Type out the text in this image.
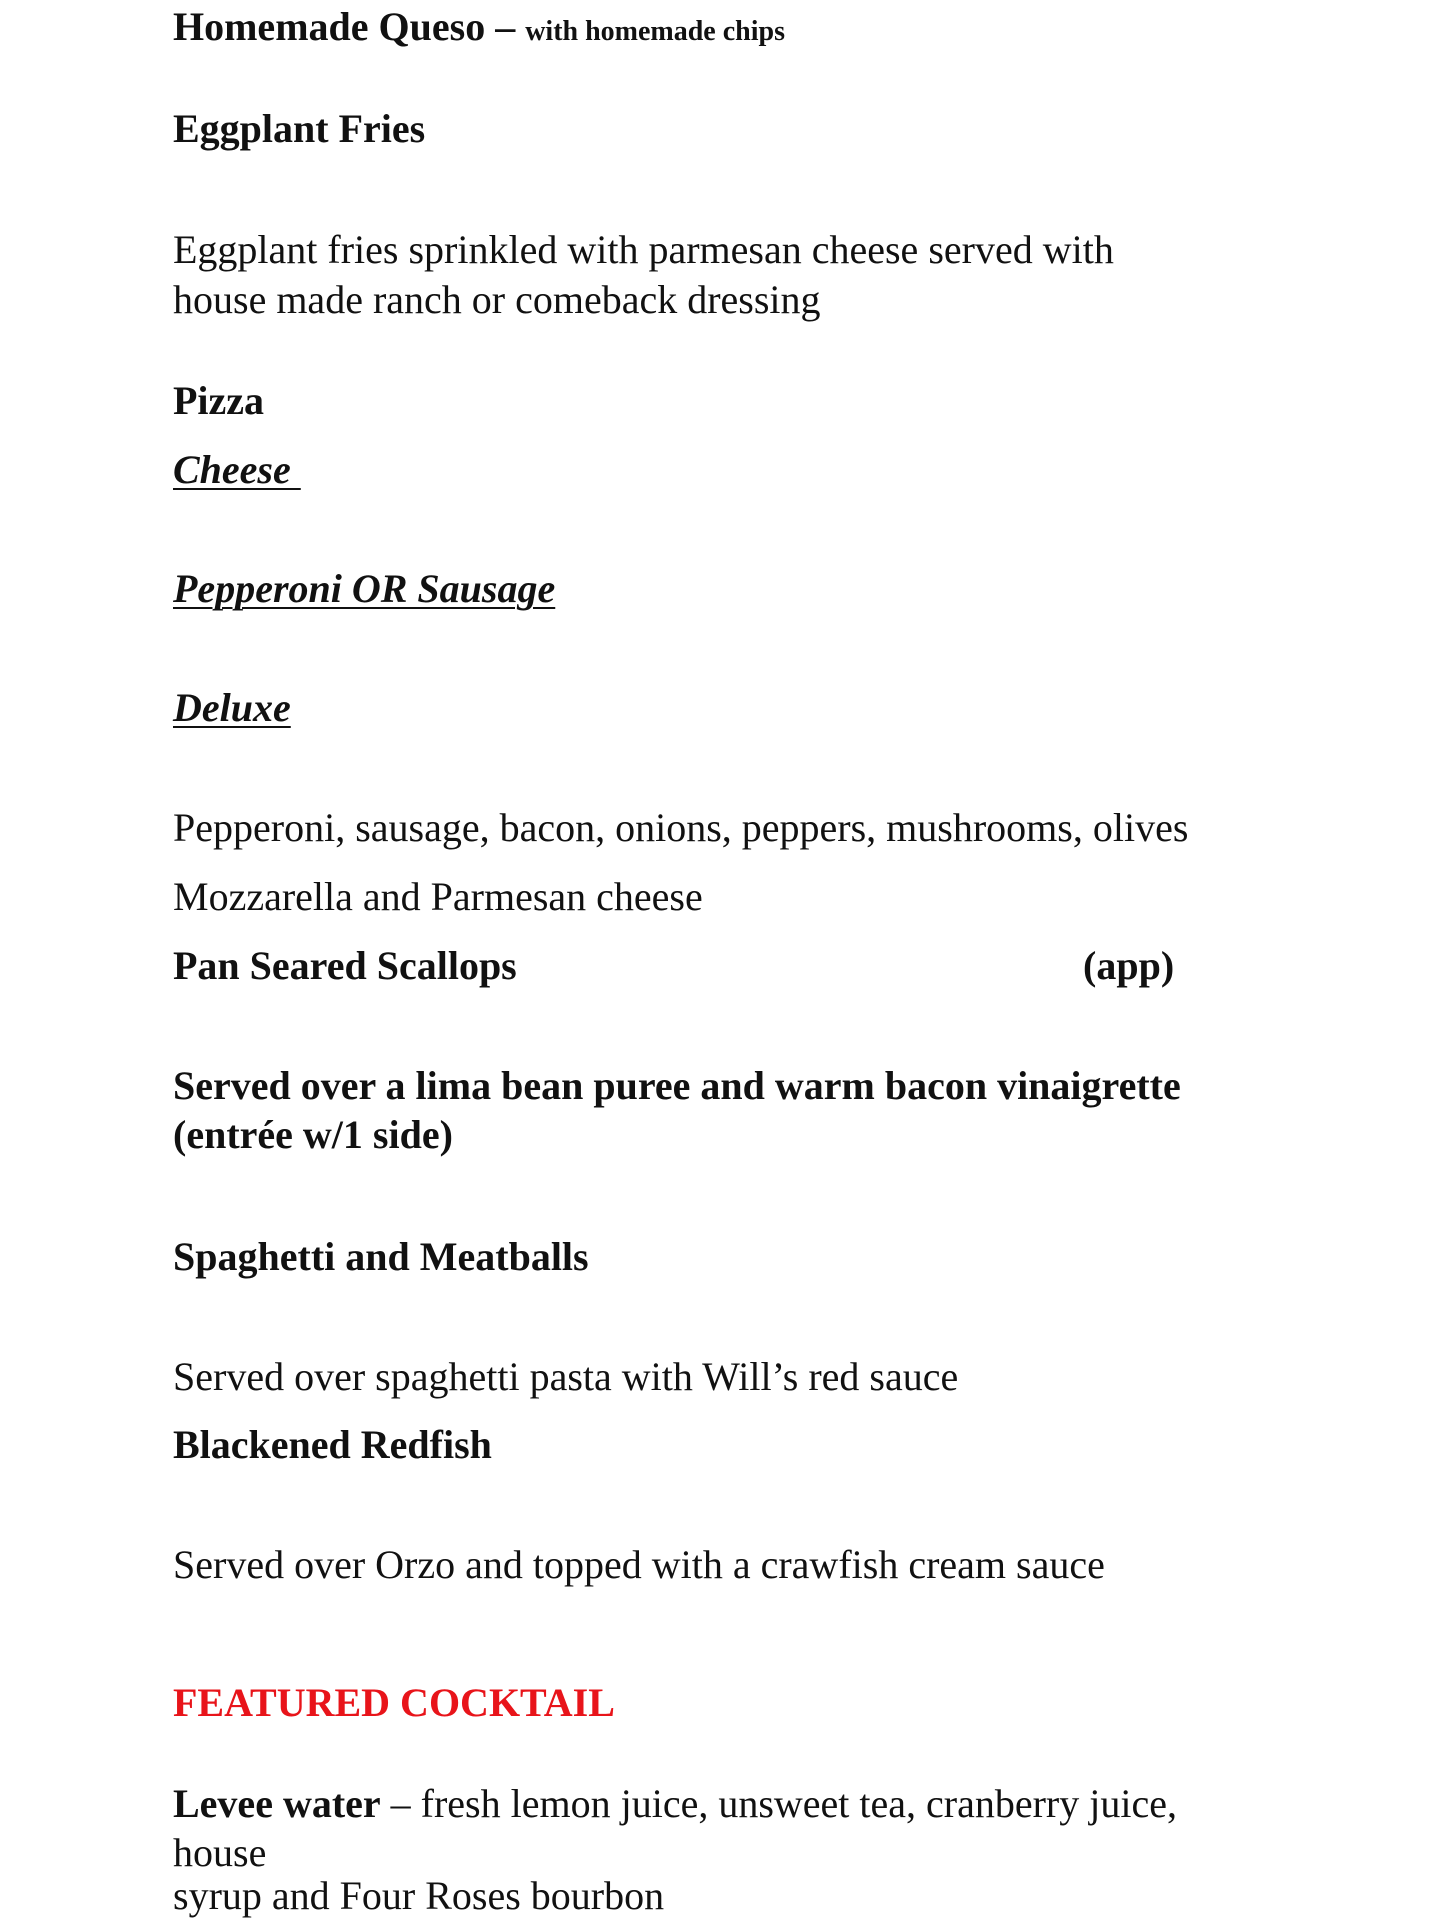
Homemade Queso – with homemade chips
Eggplant Fries
Eggplant fries sprinkled with parmesan cheese served with
house made ranch or comeback dressing
Pizza
Cheese
Pepperoni OR Sausage
Deluxe
Pepperoni, sausage, bacon, onions, peppers, mushrooms, olives
Mozzarella and Parmesan cheese
Pan Seared Scallops	(app)
Served over a lima bean puree and warm bacon vinaigrette
(entrée w/1 side)
Spaghetti and Meatballs
Served over spaghetti pasta with Will’s red sauce
Blackened Redfish
Served over Orzo and topped with a crawfish cream sauce
FEATURED COCKTAIL
Levee water – fresh lemon juice, unsweet tea, cranberry juice,
house
syrup and Four Roses bourbon
